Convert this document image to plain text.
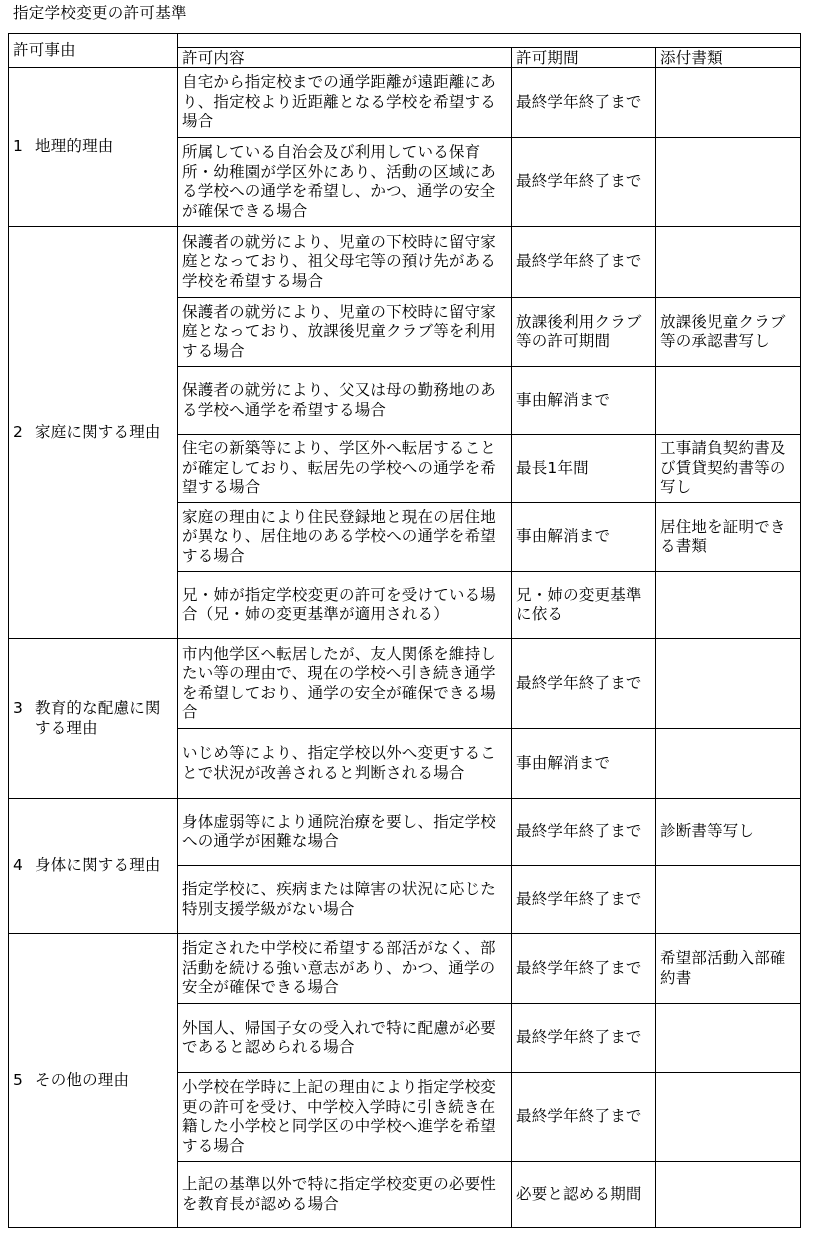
指定学校変更の許可基準
許可事由			
	許可内容	許可期間	添付書類

1 地理的理由	自宅から指定校までの通学距離が遠距離にあり、指定校より近距離となる学校を希望する場合	最終学年終了まで	
	所属している自治会及び利用している保育所・幼稚園が学区外にあり、活動の区域にある学校への通学を希望し、かつ、通学の安全が確保できる場合	最終学年終了まで	

2 家庭に関する理由	保護者の就労により、児童の下校時に留守家庭となっており、祖父母宅等の預け先がある学校を希望する場合	最終学年終了まで	
	保護者の就労により、児童の下校時に留守家庭となっており、放課後児童クラブ等を利用する場合	放課後利用クラブ等の許可期間	放課後児童クラブ等の承認書写し
	保護者の就労により、父又は母の勤務地のある学校へ通学を希望する場合	事由解消まで	
	住宅の新築等により、学区外へ転居することが確定しており、転居先の学校への通学を希望する場合	最長1年間	工事請負契約書及び賃貸契約書等の写し
	家庭の理由により住民登録地と現在の居住地が異なり、居住地のある学校への通学を希望する場合	事由解消まで	居住地を証明できる書類
	兄・姉が指定学校変更の許可を受けている場合（兄・姉の変更基準が適用される）	兄・姉の変更基準に依る	

3 教育的な配慮に関する理由	市内他学区へ転居したが、友人関係を維持したい等の理由で、現在の学校へ引き続き通学を希望しており、通学の安全が確保できる場合	最終学年終了まで	
	いじめ等により、指定学校以外へ変更することで状況が改善されると判断される場合	事由解消まで	

4 身体に関する理由	身体虚弱等により通院治療を要し、指定学校への通学が困難な場合	最終学年終了まで	診断書等写し
	指定学校に、疾病または障害の状況に応じた特別支援学級がない場合	最終学年終了まで	

5 その他の理由	指定された中学校に希望する部活がなく、部活動を続ける強い意志があり、かつ、通学の安全が確保できる場合	最終学年終了まで	希望部活動入部確約書
	外国人、帰国子女の受入れで特に配慮が必要であると認められる場合	最終学年終了まで	
	小学校在学時に上記の理由により指定学校変更の許可を受け、中学校入学時に引き続き在籍した小学校と同学区の中学校へ進学を希望する場合	最終学年終了まで	
	上記の基準以外で特に指定学校変更の必要性を教育長が認める場合	必要と認める期間	
